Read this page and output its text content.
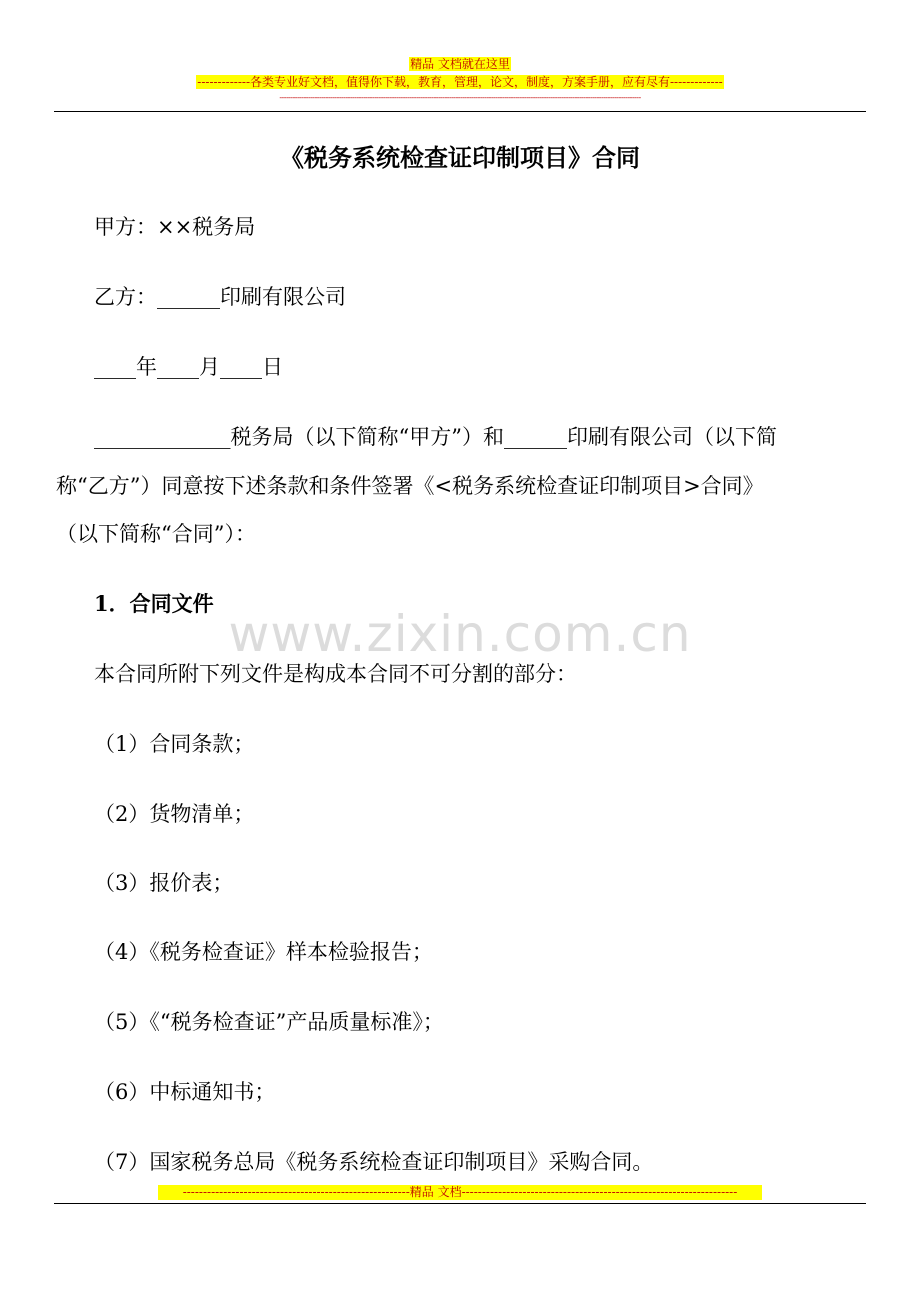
精品 文档就在这里
-------------各类专业好文档，值得你下载，教育，管理，论文，制度，方案手册，应有尽有-------------
--------------------------------------------------------------------------------------------------------------------------------------------------------------------
《税务系统检查证印制项目》合同
甲方：××税务局
乙方：______印刷有限公司
____年____月____日
_____________税务局（以下简称“甲方”）和______印刷有限公司（以下简
称“乙方”）同意按下述条款和条件签署《<税务系统检查证印制项目>合同》
（以下简称“合同”）：
1．合同文件
本合同所附下列文件是构成本合同不可分割的部分：
（1）合同条款；
（2）货物清单；
（3）报价表；
（4）《税务检查证》样本检验报告；
（5）《“税务检查证”产品质量标准》；
（6）中标通知书；
（7）国家税务总局《税务系统检查证印制项目》采购合同。
www.zixin.com.cn
--------------------------------------------------------精品 文档--------------------------------------------------------------------
